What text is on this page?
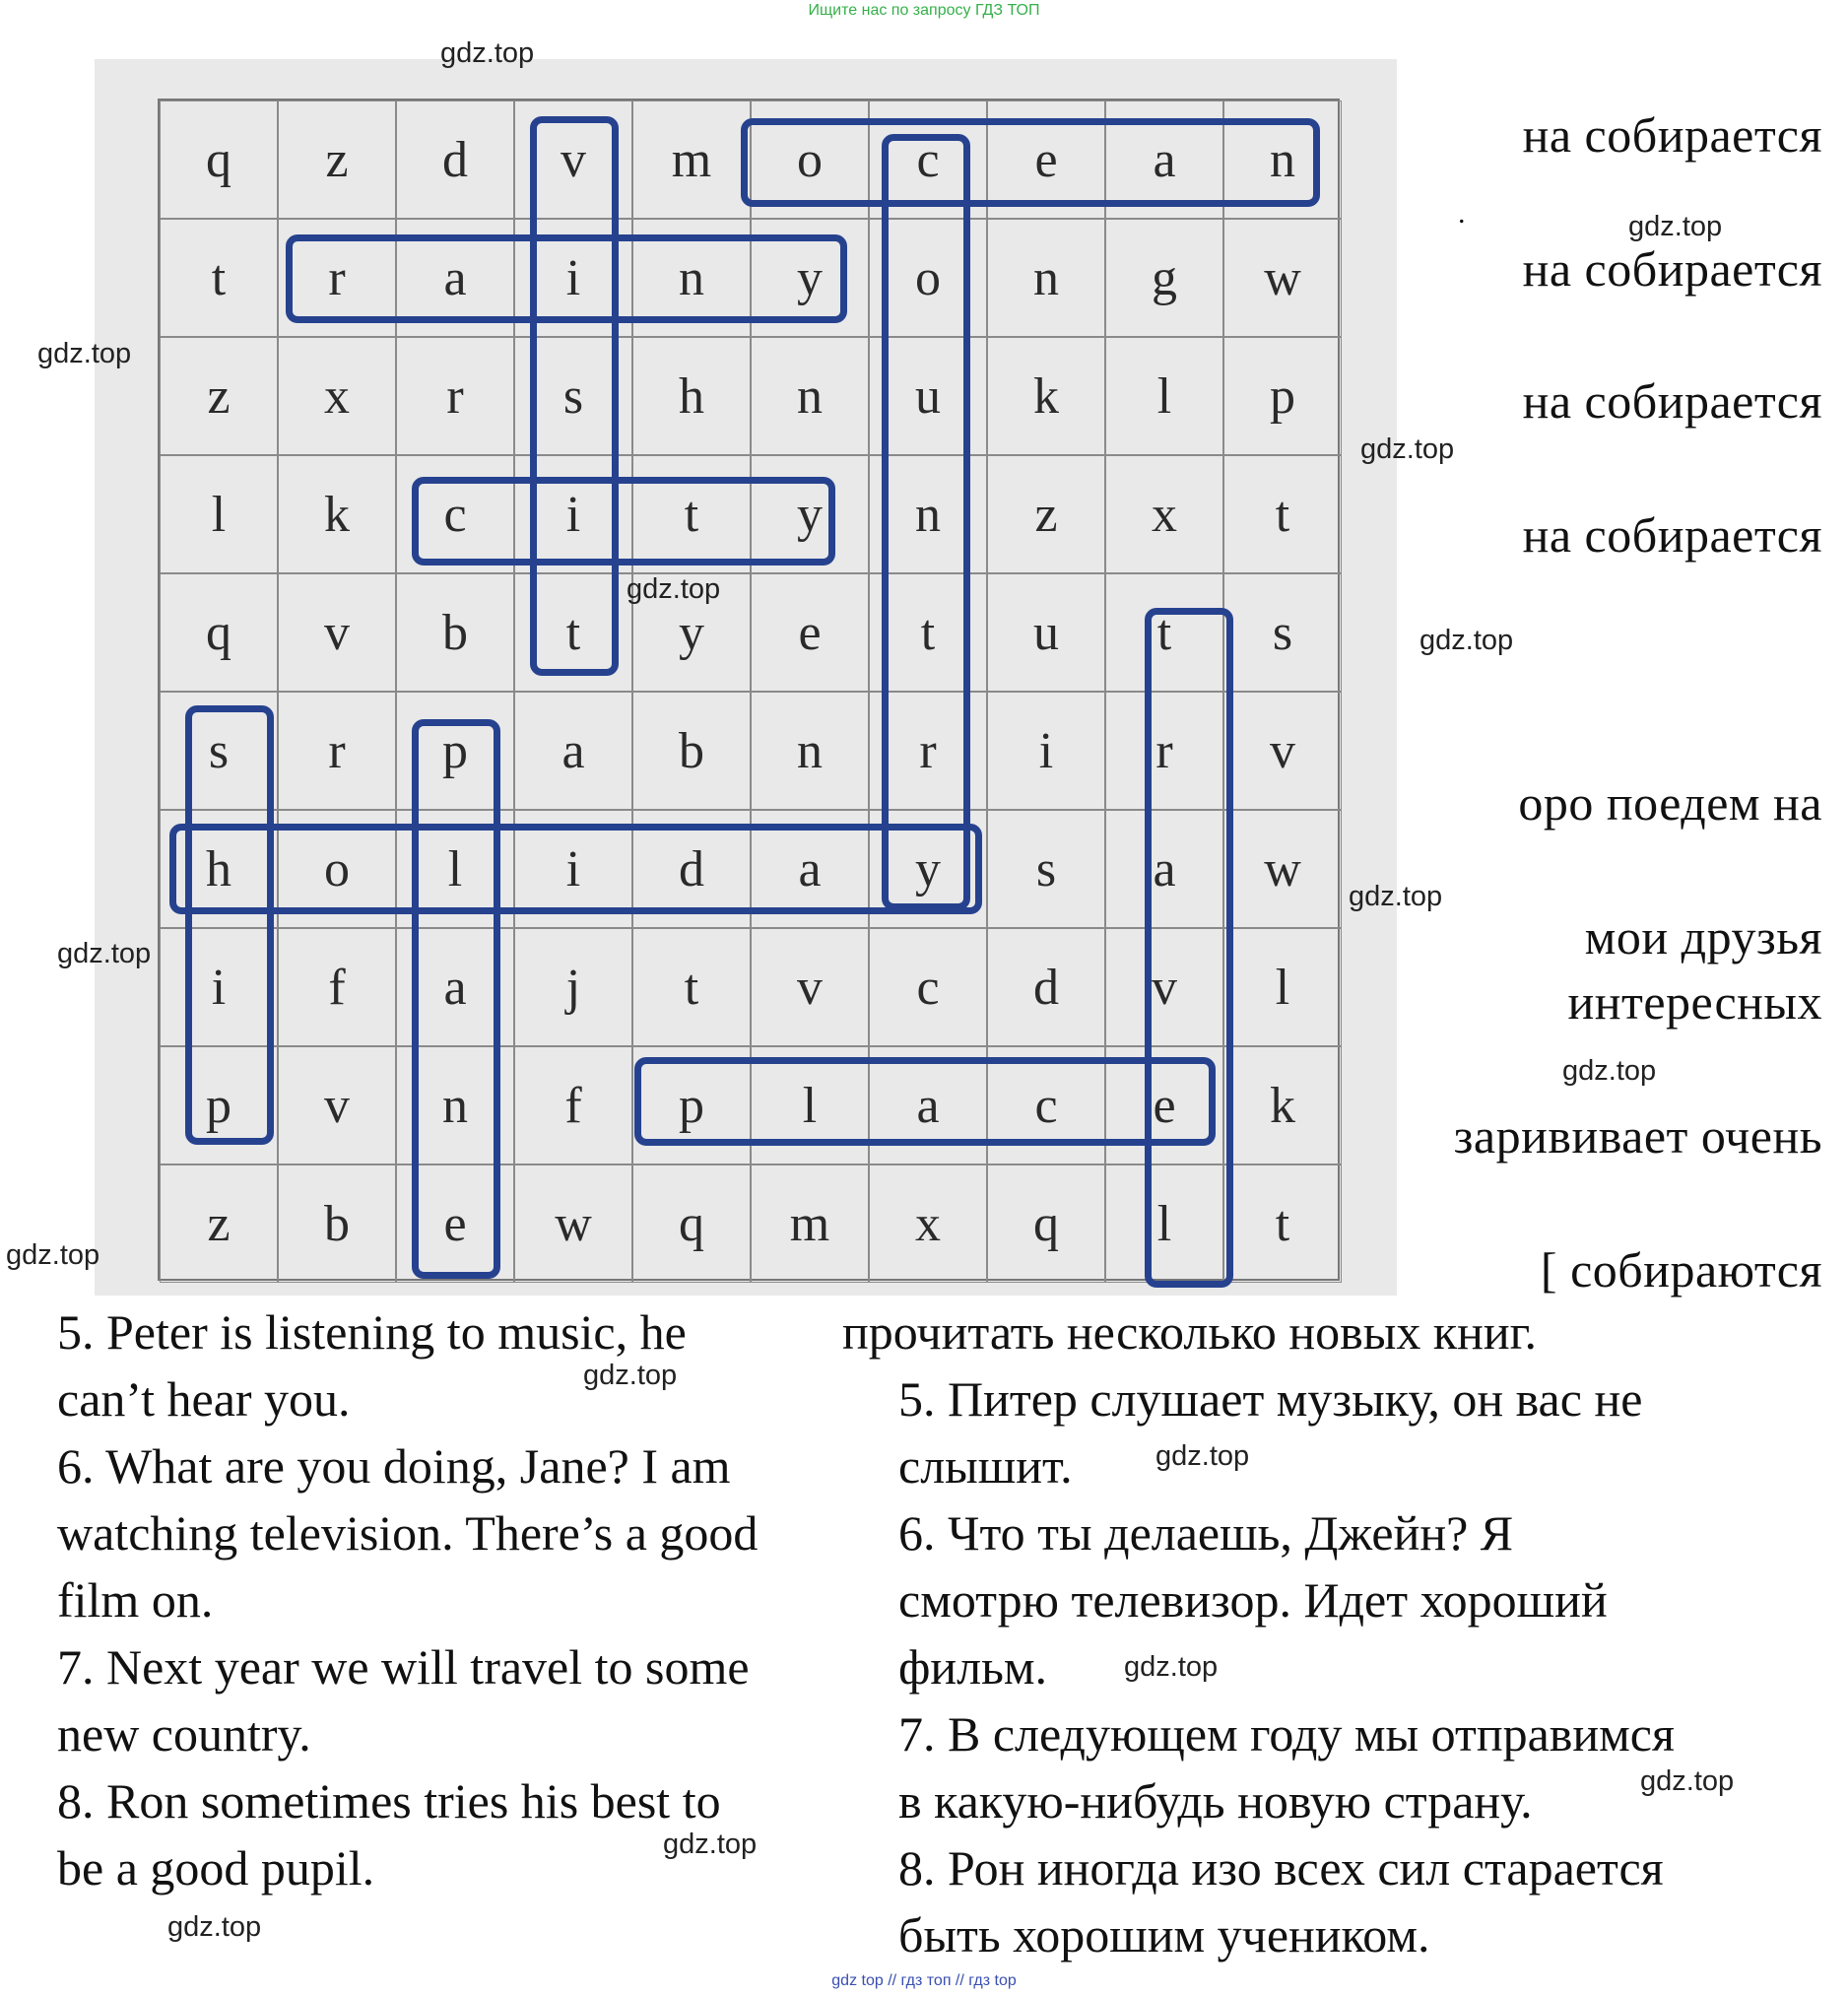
Ищите нас по запросу ГДЗ ТОП
q	z	d	v	m	o	c	e	a	n
t	r	a	i	n	y	o	n	g	w
z	x	r	s	h	n	u	k	l	p
l	k	c	i	t	y	n	z	x	t
q	v	b	t	y	e	t	u	t	s
s	r	p	a	b	n	r	i	r	v
h	o	l	i	d	a	y	s	a	w
i	f	a	j	t	v	c	d	v	l
p	v	n	f	p	l	a	c	e	k
z	b	e	w	q	m	x	q	l	t
на собирается
.
на собирается
на собирается
на собирается
оро поедем на
мои друзья
интересных
зарививает очень
[ собираются
5. Peter is listening to music, he
can’t hear you.
6. What are you doing, Jane? I am
watching television. There’s a good
film on.
7. Next year we will travel to some
new country.
8. Ron sometimes tries his best to
be a good pupil.
прочитать несколько новых книг.
5. Питер слушает музыку, он вас не
слышит.
6. Что ты делаешь, Джейн? Я
смотрю телевизор. Идет хороший
фильм.
7. В следующем году мы отправимся
в какую-нибудь новую страну.
8. Рон иногда изо всех сил старается
быть хорошим учеником.
gdz.top
gdz.top
gdz.top
gdz.top
gdz.top
gdz.top
gdz.top
gdz.top
gdz.top
gdz.top
gdz.top
gdz.top
gdz.top
gdz.top
gdz.top
gdz.top
gdz top // гдз топ // гдз top
